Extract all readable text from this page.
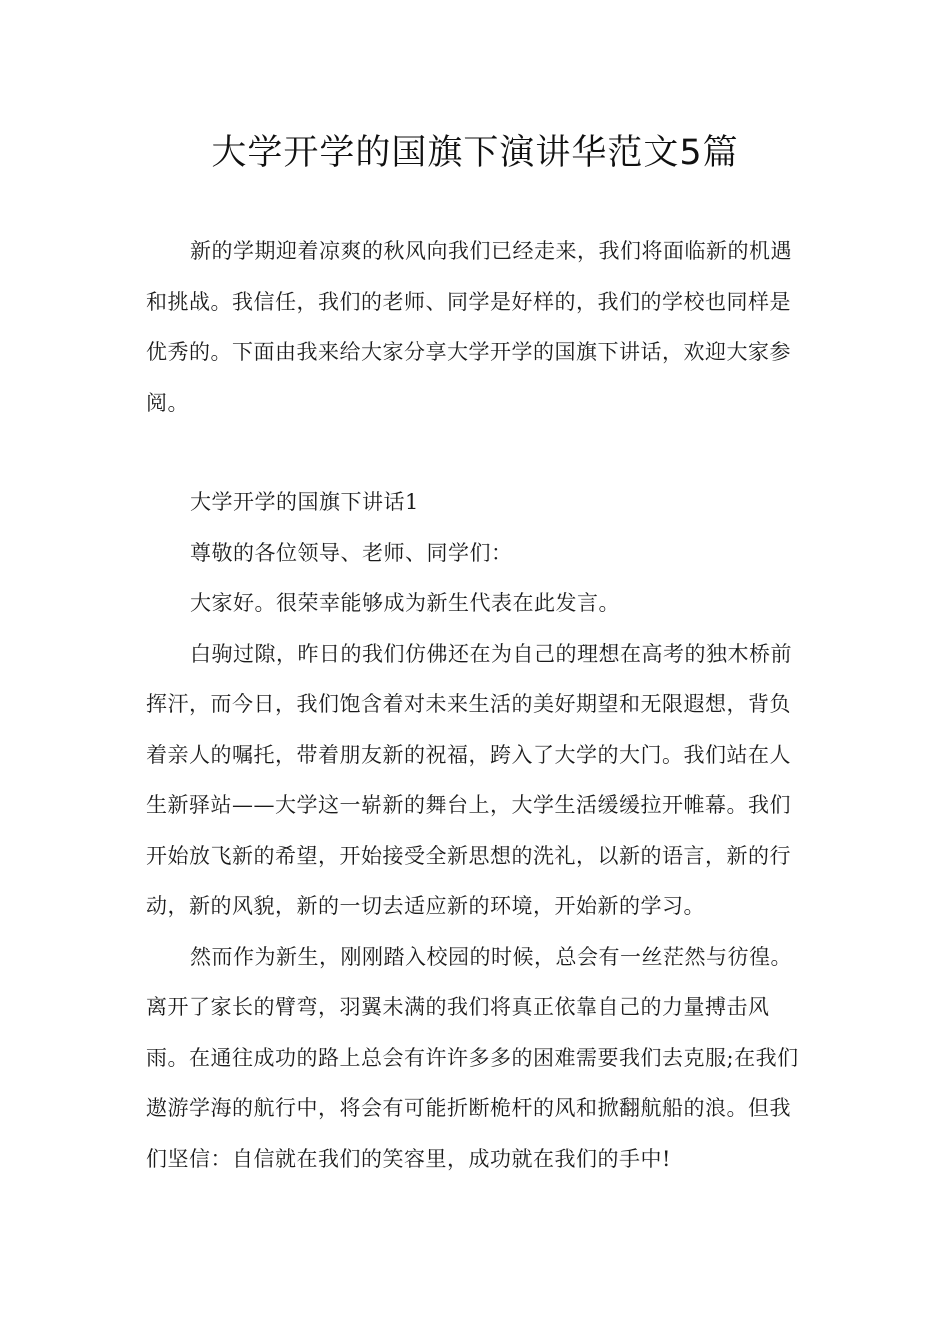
大学开学的国旗下演讲华范文5篇

新的学期迎着凉爽的秋风向我们已经走来，我们将面临新的机遇和挑战。我信任，我们的老师、同学是好样的，我们的学校也同样是优秀的。下面由我来给大家分享大学开学的国旗下讲话，欢迎大家参阅。

大学开学的国旗下讲话1

尊敬的各位领导、老师、同学们：

大家好。很荣幸能够成为新生代表在此发言。

白驹过隙，昨日的我们仿佛还在为自己的理想在高考的独木桥前挥汗，而今日，我们饱含着对未来生活的美好期望和无限遐想，背负着亲人的嘱托，带着朋友新的祝福，跨入了大学的大门。我们站在人生新驿站——大学这一崭新的舞台上，大学生活缓缓拉开帷幕。我们开始放飞新的希望，开始接受全新思想的洗礼，以新的语言，新的行动，新的风貌，新的一切去适应新的环境，开始新的学习。

然而作为新生，刚刚踏入校园的时候，总会有一丝茫然与彷徨。离开了家长的臂弯，羽翼未满的我们将真正依靠自己的力量搏击风雨。在通往成功的路上总会有许许多多的困难需要我们去克服;在我们遨游学海的航行中，将会有可能折断桅杆的风和掀翻航船的浪。但我们坚信：自信就在我们的笑容里，成功就在我们的手中!
